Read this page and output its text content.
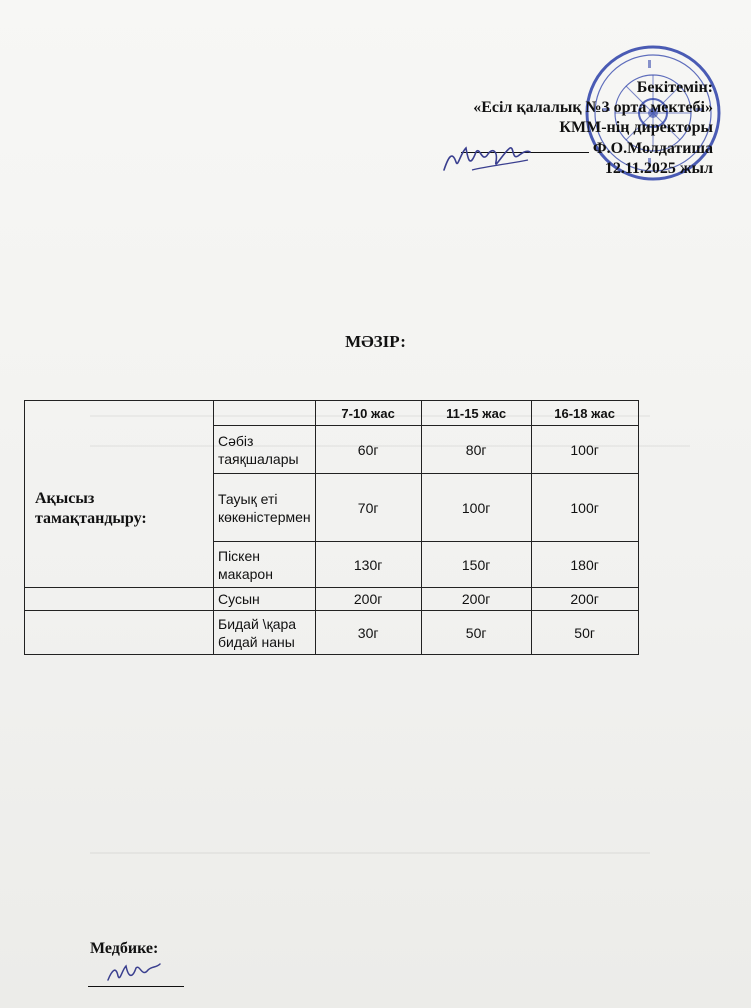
Бекітемін:
«Есіл қалалық №3 орта мектебі»
КММ-нің директоры
Ф.О.Молдатиша
12.11.2025 жыл
МӘЗІР:
Ақысыз тамақтандыру:		7-10 жас	11-15 жас	16-18 жас
	Сәбіз таяқшалары	60г	80г	100г
	Тауық еті көкөністермен	70г	100г	100г
	Піскен макарон	130г	150г	180г
	Сусын	200г	200г	200г
	Бидай \қара бидай наны	30г	50г	50г
Медбике:
